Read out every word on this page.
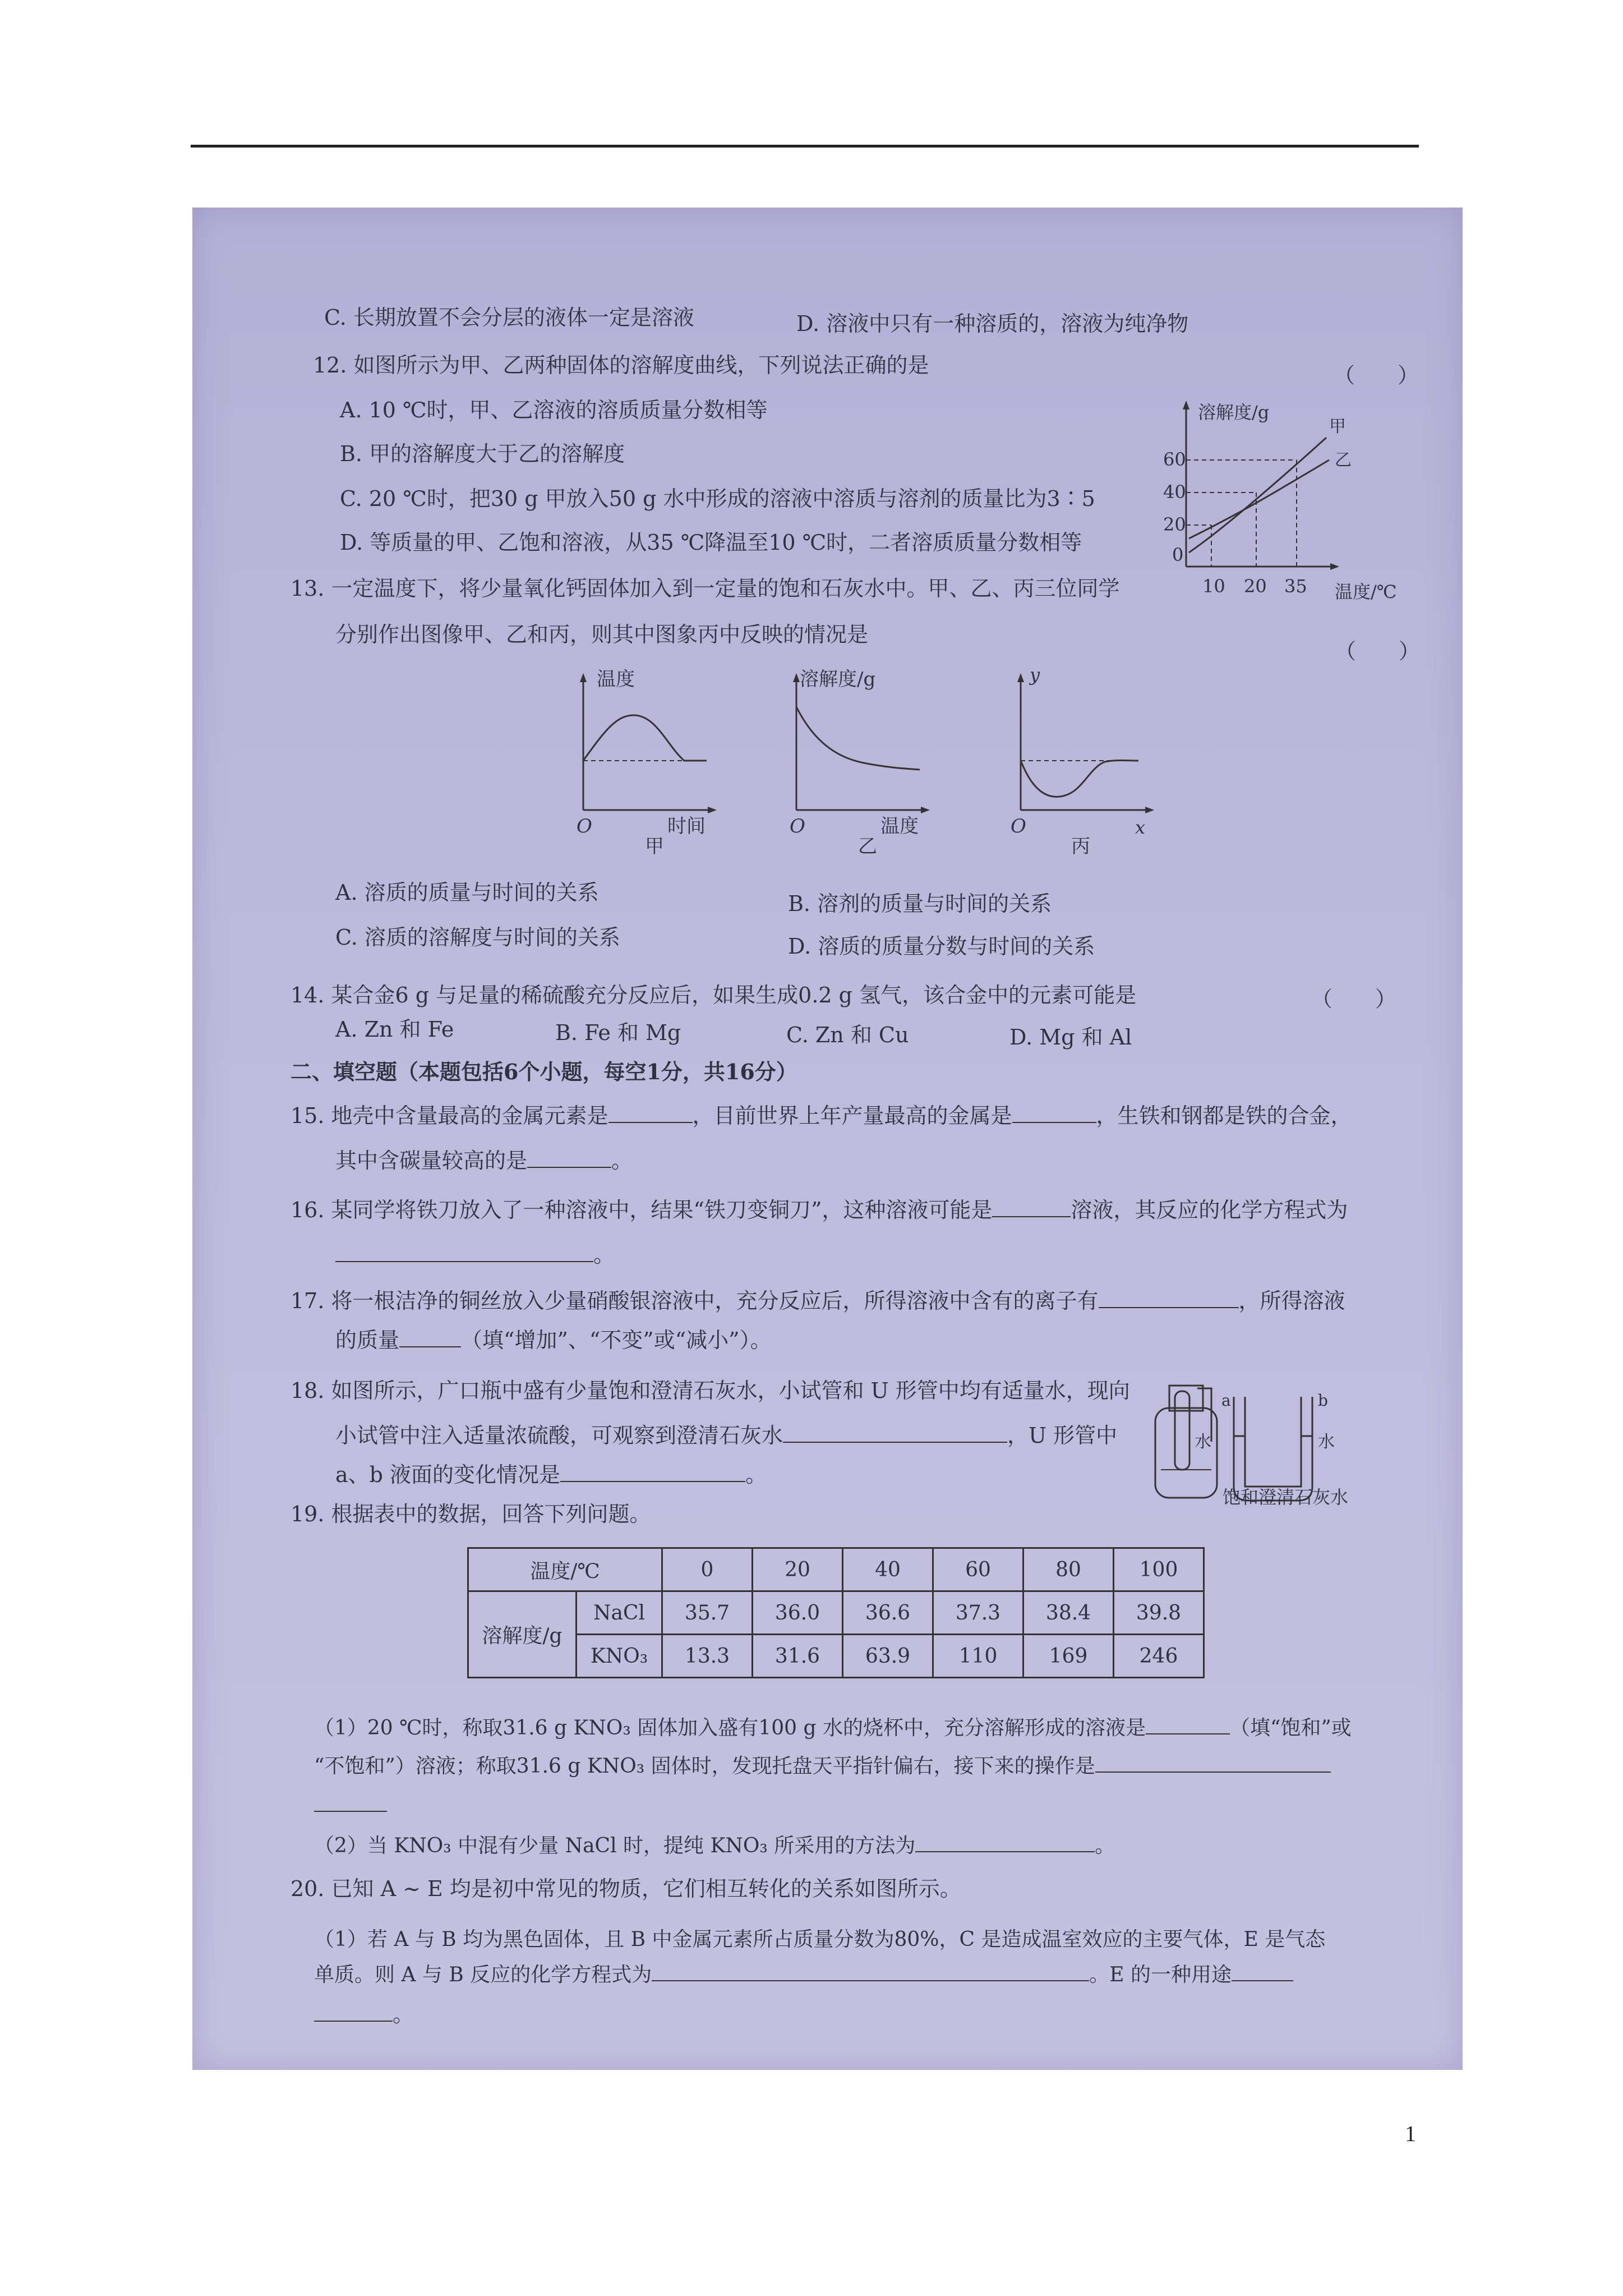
C. 长期放置不会分层的液体一定是溶液	D. 溶液中只有一种溶质的，溶液为纯净物
12. 如图所示为甲、乙两种固体的溶解度曲线，下列说法正确的是	（　　）
A. 10 ℃时，甲、乙溶液的溶质质量分数相等
B. 甲的溶解度大于乙的溶解度
C. 20 ℃时，把30 g 甲放入50 g 水中形成的溶液中溶质与溶剂的质量比为3∶5
D. 等质量的甲、乙饱和溶液，从35 ℃降温至10 ℃时，二者溶质质量分数相等
溶解度/g
甲
乙
60
40
20
0
10 20 35 温度/℃
13. 一定温度下，将少量氧化钙固体加入到一定量的饱和石灰水中。甲、乙、丙三位同学
分别作出图像甲、乙和丙，则其中图象丙中反映的情况是
（　　）
温度
O	时间
甲
溶解度/g
O	温度
乙
y
O	x
丙
A. 溶质的质量与时间的关系	B. 溶剂的质量与时间的关系
C. 溶质的溶解度与时间的关系	D. 溶质的质量分数与时间的关系
14. 某合金6 g 与足量的稀硫酸充分反应后，如果生成0.2 g 氢气，该合金中的元素可能是	（　　）
A. Zn 和 Fe	B. Fe 和 Mg	C. Zn 和 Cu	D. Mg 和 Al
二、填空题（本题包括6个小题，每空1分，共16分）
15. 地壳中含量最高的金属元素是	，目前世界上年产量最高的金属是	，生铁和钢都是铁的合金，
其中含碳量较高的是	。
16. 某同学将铁刀放入了一种溶液中，结果“铁刀变铜刀”，这种溶液可能是	溶液，其反应的化学方程式为
。
17. 将一根洁净的铜丝放入少量硝酸银溶液中，充分反应后，所得溶液中含有的离子有	，所得溶液
的质量	（填“增加”、“不变”或“减小”）。
18. 如图所示，广口瓶中盛有少量饱和澄清石灰水，小试管和 U 形管中均有适量水，现向
小试管中注入适量浓硫酸，可观察到澄清石灰水	，U 形管中
a、b 液面的变化情况是	。
a	b
水	水
饱和澄清石灰水
19. 根据表中的数据，回答下列问题。
温度/℃		0	20	40	60	80	100
溶解度/g	NaCl	35.7	36.0	36.6	37.3	38.4	39.8
	KNO₃	13.3	31.6	63.9	110	169	246
（1）20 ℃时，称取31.6 g KNO₃ 固体加入盛有100 g 水的烧杯中，充分溶解形成的溶液是	（填“饱和”或
“不饱和”）溶液；称取31.6 g KNO₃ 固体时，发现托盘天平指针偏右，接下来的操作是
（2）当 KNO₃ 中混有少量 NaCl 时，提纯 KNO₃ 所采用的方法为	。
20. 已知 A ~ E 均是初中常见的物质，它们相互转化的关系如图所示。
（1）若 A 与 B 均为黑色固体，且 B 中金属元素所占质量分数为80%，C 是造成温室效应的主要气体，E 是气态
单质。则 A 与 B 反应的化学方程式为	。E 的一种用途
。
1
